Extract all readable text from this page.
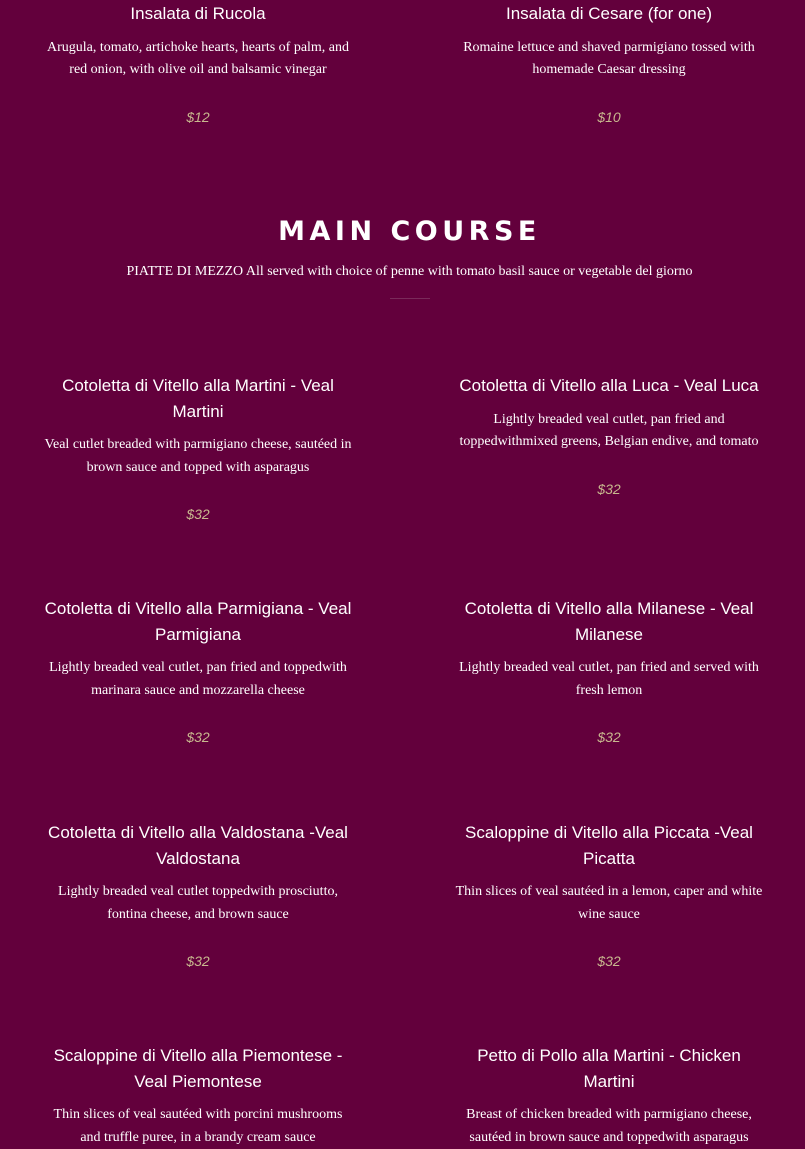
Insalata di Rucola

Arugula, tomato, artichoke hearts, hearts of palm, and red onion, with olive oil and balsamic vinegar

$12

Insalata di Cesare (for one)

Romaine lettuce and shaved parmigiano tossed with homemade Caesar dressing

$10

MAIN COURSE

PIATTE DI MEZZO All served with choice of penne with tomato basil sauce or vegetable del giorno

Cotoletta di Vitello alla Martini - Veal Martini

Veal cutlet breaded with parmigiano cheese, sautéed in brown sauce and topped with asparagus

$32

Cotoletta di Vitello alla Luca - Veal Luca

Lightly breaded veal cutlet, pan fried and toppedwithmixed greens, Belgian endive, and tomato

$32

Cotoletta di Vitello alla Parmigiana - Veal Parmigiana

Lightly breaded veal cutlet, pan fried and toppedwith marinara sauce and mozzarella cheese

$32

Cotoletta di Vitello alla Milanese - Veal Milanese

Lightly breaded veal cutlet, pan fried and served with fresh lemon

$32

Cotoletta di Vitello alla Valdostana -Veal Valdostana

Lightly breaded veal cutlet toppedwith prosciutto, fontina cheese, and brown sauce

$32

Scaloppine di Vitello alla Piccata -Veal Picatta

Thin slices of veal sautéed in a lemon, caper and white wine sauce

$32

Scaloppine di Vitello alla Piemontese - Veal Piemontese

Thin slices of veal sautéed with porcini mushrooms and truffle puree, in a brandy cream sauce

Petto di Pollo alla Martini - Chicken Martini

Breast of chicken breaded with parmigiano cheese, sautéed in brown sauce and toppedwith asparagus
